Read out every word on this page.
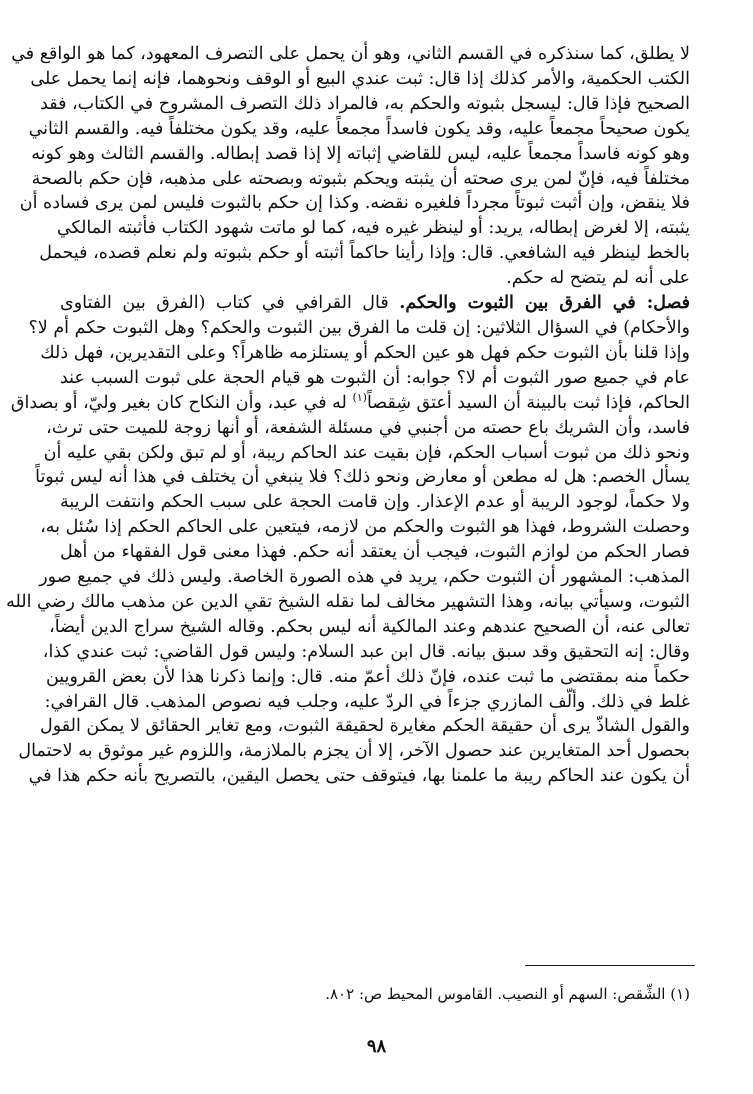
لا يطلق، كما سنذكره في القسم الثاني، وهو أن يحمل على التصرف المعهود، كما هو الواقع في
الكتب الحكمية، والأمر كذلك إذا قال: ثبت عندي البيع أو الوقف ونحوهما، فإنه إنما يحمل على
الصحيح فإذا قال: ليسجل بثبوته والحكم به، فالمراد ذلك التصرف المشروح في الكتاب، فقد
يكون صحيحاً مجمعاً عليه، وقد يكون فاسداً مجمعاً عليه، وقد يكون مختلفاً فيه. والقسم الثاني
وهو كونه فاسداً مجمعاً عليه، ليس للقاضي إثباته إلا إذا قصد إبطاله. والقسم الثالث وهو كونه
مختلفاً فيه، فإنّ لمن يرى صحته أن يثبته ويحكم بثبوته وبصحته على مذهبه، فإن حكم بالصحة
فلا ينقض، وإن أثبت ثبوتاً مجرداً فلغيره نقضه. وكذا إن حكم بالثبوت فليس لمن يرى فساده أن
يثبته، إلا لغرض إبطاله، يريد: أو لينظر غيره فيه، كما لو ماتت شهود الكتاب فأثبته المالكي
بالخط لينظر فيه الشافعي. قال: وإذا رأينا حاكماً أثبته أو حكم بثبوته ولم نعلم قصده، فيحمل
على أنه لم يتضح له حكم.

فصل: في الفرق بين الثبوت والحكم. قال القرافي في كتاب (الفرق بين الفتاوى
والأحكام) في السؤال الثلاثين: إن قلت ما الفرق بين الثبوت والحكم؟ وهل الثبوت حكم أم لا؟
وإذا قلنا بأن الثبوت حكم فهل هو عين الحكم أو يستلزمه ظاهراً؟ وعلى التقديرين، فهل ذلك
عام في جميع صور الثبوت أم لا؟ جوابه: أن الثبوت هو قيام الحجة على ثبوت السبب عند
الحاكم، فإذا ثبت بالبينة أن السيد أعتق شِقصاً$^{(١)}$ له في عبد، وأن النكاح كان بغير وليّ، أو بصداق
فاسد، وأن الشريك باع حصته من أجنبي في مسئلة الشفعة، أو أنها زوجة للميت حتى ترث،
ونحو ذلك من ثبوت أسباب الحكم، فإن بقيت عند الحاكم ريبة، أو لم تبق ولكن بقي عليه أن
يسأل الخصم: هل له مطعن أو معارض ونحو ذلك؟ فلا ينبغي أن يختلف في هذا أنه ليس ثبوتاً
ولا حكماً، لوجود الريبة أو عدم الإعذار. وإن قامت الحجة على سبب الحكم وانتفت الريبة
وحصلت الشروط، فهذا هو الثبوت والحكم من لازمه، فيتعين على الحاكم الحكم إذا سُئل به،
فصار الحكم من لوازم الثبوت، فيجب أن يعتقد أنه حكم. فهذا معنى قول الفقهاء من أهل
المذهب: المشهور أن الثبوت حكم، يريد في هذه الصورة الخاصة. وليس ذلك في جميع صور
الثبوت، وسيأتي بيانه، وهذا التشهير مخالف لما نقله الشيخ تقي الدين عن مذهب مالك رضي الله
تعالى عنه، أن الصحيح عندهم وعند المالكية أنه ليس بحكم. وقاله الشيخ سراج الدين أيضاً،
وقال: إنه التحقيق وقد سبق بيانه. قال ابن عبد السلام: وليس قول القاضي: ثبت عندي كذا،
حكماً منه بمقتضى ما ثبت عنده، فإنّ ذلك أعمّ منه. قال: وإنما ذكرنا هذا لأن بعض القرويين
غلط في ذلك. وألّف المازري جزءاً في الردّ عليه، وجلب فيه نصوص المذهب. قال القرافي:
والقول الشاذّ يرى أن حقيقة الحكم مغايرة لحقيقة الثبوت، ومع تغاير الحقائق لا يمكن القول
بحصول أحد المتغايرين عند حصول الآخر، إلا أن يجزم بالملازمة، واللزوم غير موثوق به لاحتمال
أن يكون عند الحاكم ريبة ما علمنا بها، فيتوقف حتى يحصل اليقين، بالتصريح بأنه حكم هذا في

(١) الشِّقص: السهم أو النصيب. القاموس المحيط ص: ٨٠٢.
٩٨
